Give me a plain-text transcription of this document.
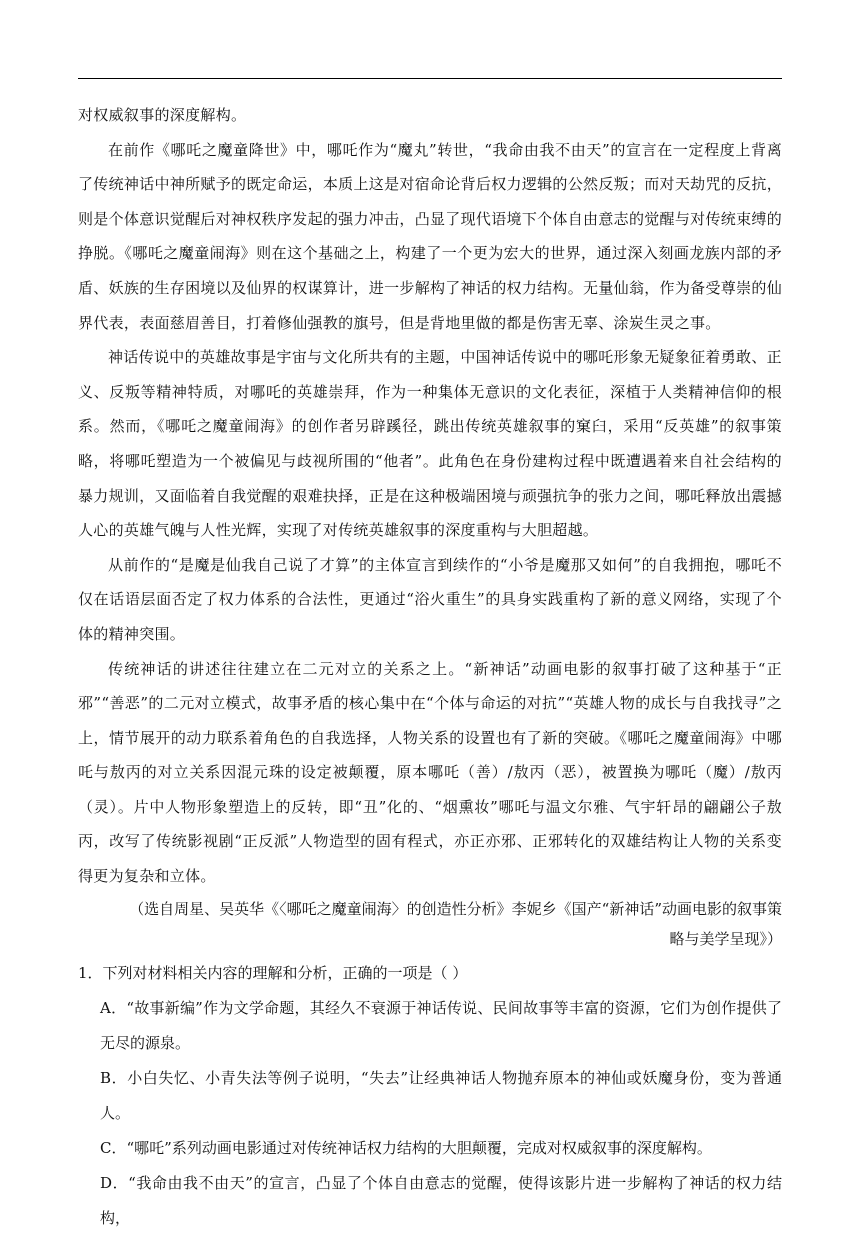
对权威叙事的深度解构。

在前作《哪吒之魔童降世》中，哪吒作为“魔丸”转世，“我命由我不由天”的宣言在一定程度上背离了传统神话中神所赋予的既定命运，本质上这是对宿命论背后权力逻辑的公然反叛；而对天劫咒的反抗，则是个体意识觉醒后对神权秩序发起的强力冲击，凸显了现代语境下个体自由意志的觉醒与对传统束缚的挣脱。《哪吒之魔童闹海》则在这个基础之上，构建了一个更为宏大的世界，通过深入刻画龙族内部的矛盾、妖族的生存困境以及仙界的权谋算计，进一步解构了神话的权力结构。无量仙翁，作为备受尊崇的仙界代表，表面慈眉善目，打着修仙强教的旗号，但是背地里做的都是伤害无辜、涂炭生灵之事。

神话传说中的英雄故事是宇宙与文化所共有的主题，中国神话传说中的哪吒形象无疑象征着勇敢、正义、反叛等精神特质，对哪吒的英雄崇拜，作为一种集体无意识的文化表征，深植于人类精神信仰的根系。然而，《哪吒之魔童闹海》的创作者另辟蹊径，跳出传统英雄叙事的窠臼，采用“反英雄”的叙事策略，将哪吒塑造为一个被偏见与歧视所围的“他者”。此角色在身份建构过程中既遭遇着来自社会结构的暴力规训，又面临着自我觉醒的艰难抉择，正是在这种极端困境与顽强抗争的张力之间，哪吒释放出震撼人心的英雄气魄与人性光辉，实现了对传统英雄叙事的深度重构与大胆超越。

从前作的“是魔是仙我自己说了才算”的主体宣言到续作的“小爷是魔那又如何”的自我拥抱，哪吒不仅在话语层面否定了权力体系的合法性，更通过“浴火重生”的具身实践重构了新的意义网络，实现了个体的精神突围。

传统神话的讲述往往建立在二元对立的关系之上。“新神话”动画电影的叙事打破了这种基于“正邪”“善恶”的二元对立模式，故事矛盾的核心集中在“个体与命运的对抗”“英雄人物的成长与自我找寻”之上，情节展开的动力联系着角色的自我选择，人物关系的设置也有了新的突破。《哪吒之魔童闹海》中哪吒与敖丙的对立关系因混元珠的设定被颠覆，原本哪吒（善）/敖丙（恶），被置换为哪吒（魔）/敖丙（灵）。片中人物形象塑造上的反转，即“丑”化的、“烟熏妆”哪吒与温文尔雅、气宇轩昂的翩翩公子敖丙，改写了传统影视剧“正反派”人物造型的固有程式，亦正亦邪、正邪转化的双雄结构让人物的关系变得更为复杂和立体。

（选自周星、吴英华《〈哪吒之魔童闹海〉的创造性分析》李妮乡《国产“新神话”动画电影的叙事策
略与美学呈现》）

1．下列对材料相关内容的理解和分析，正确的一项是（ ）

A．“故事新编”作为文学命题，其经久不衰源于神话传说、民间故事等丰富的资源，它们为创作提供了无尽的源泉。

B．小白失忆、小青失法等例子说明，“失去”让经典神话人物抛弃原本的神仙或妖魔身份，变为普通人。

C．“哪吒”系列动画电影通过对传统神话权力结构的大胆颠覆，完成对权威叙事的深度解构。

D．“我命由我不由天”的宣言，凸显了个体自由意志的觉醒，使得该影片进一步解构了神话的权力结构，
